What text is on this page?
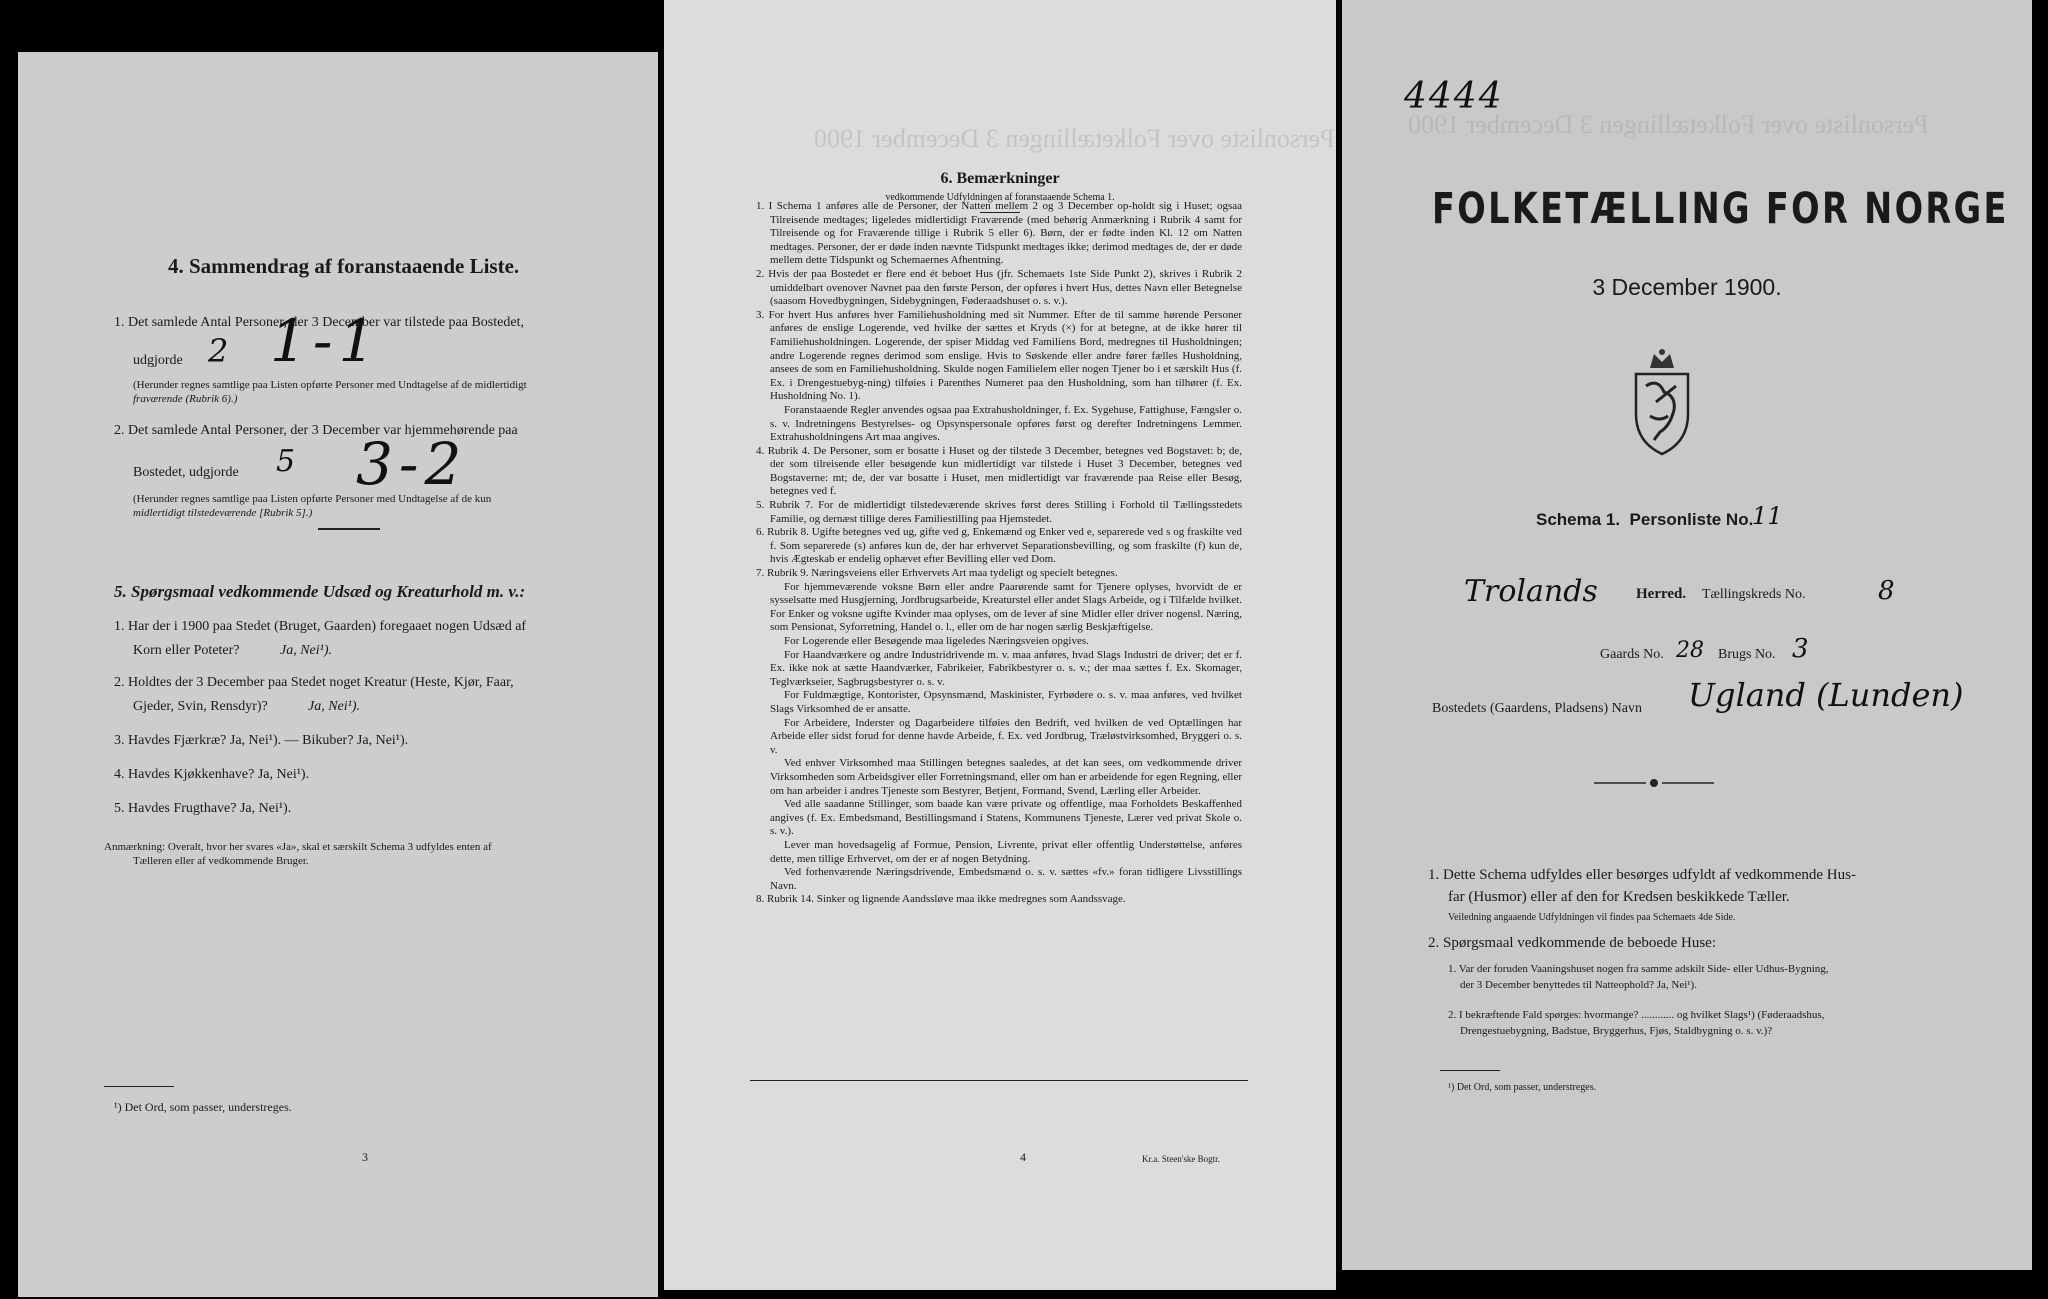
4. Sammendrag af foranstaaende Liste.
1. Det samlede Antal Personer, der 3 December var tilstede paa Bostedet,
udgjorde 2 1-1
(Herunder regnes samtlige paa Listen opførte Personer med Undtagelse af de midlertidigt
fraværende (Rubrik 6).)
2. Det samlede Antal Personer, der 3 December var hjemmehørende paa
Bostedet, udgjorde 5 3-2
(Herunder regnes samtlige paa Listen opførte Personer med Undtagelse af de kun
midlertidigt tilstedeværende [Rubrik 5].)
5. Spørgsmaal vedkommende Udsæd og Kreaturhold m. v.:
1. Har der i 1900 paa Stedet (Bruget, Gaarden) foregaaet nogen Udsæd af
Korn eller Poteter?	Ja, Nei¹).
2. Holdtes der 3 December paa Stedet noget Kreatur (Heste, Kjør, Faar,
Gjeder, Svin, Rensdyr)?	Ja, Nei¹).
3. Havdes Fjærkræ? Ja, Nei¹). — Bikuber? Ja, Nei¹).
4. Havdes Kjøkkenhave? Ja, Nei¹).
5. Havdes Frugthave? Ja, Nei¹).
Anmærkning: Overalt, hvor her svares «Ja», skal et særskilt Schema 3 udfyldes enten af
Tælleren eller af vedkommende Bruger.
¹) Det Ord, som passer, understreges.
3
Personliste over Folketællingen 3 December 1900
6. Bemærkninger
vedkommende Udfyldningen af foranstaaende Schema 1.
1. I Schema 1 anføres alle de Personer, der Natten mellem 2 og 3 December op-holdt sig i Huset; ogsaa Tilreisende medtages; ligeledes midlertidigt Fraværende (med behørig Anmærkning i Rubrik 4 samt for Tilreisende og for Fraværende tillige i Rubrik 5 eller 6). Børn, der er fødte inden Kl. 12 om Natten medtages. Personer, der er døde inden nævnte Tidspunkt medtages ikke; derimod medtages de, der er døde mellem dette Tidspunkt og Schemaernes Afhentning.
2. Hvis der paa Bostedet er flere end ét beboet Hus (jfr. Schemaets 1ste Side Punkt 2), skrives i Rubrik 2 umiddelbart ovenover Navnet paa den første Person, der opføres i hvert Hus, dettes Navn eller Betegnelse (saasom Hovedbygningen, Sidebygningen, Føderaadshuset o. s. v.).
3. For hvert Hus anføres hver Familiehusholdning med sit Nummer. Efter de til samme hørende Personer anføres de enslige Logerende, ved hvilke der sættes et Kryds (×) for at betegne, at de ikke hører til Familiehusholdningen. Logerende, der spiser Middag ved Familiens Bord, medregnes til Husholdningen; andre Logerende regnes derimod som enslige. Hvis to Søskende eller andre fører fælles Husholdning, ansees de som en Familiehusholdning. Skulde nogen Familielem eller nogen Tjener bo i et særskilt Hus (f. Ex. i Drengestuebyg-ning) tilføies i Parenthes Numeret paa den Husholdning, som han tilhører (f. Ex. Husholdning No. 1).
Foranstaaende Regler anvendes ogsaa paa Extrahusholdninger, f. Ex. Sygehuse, Fattighuse, Fængsler o. s. v. Indretningens Bestyrelses- og Opsynspersonale opføres først og derefter Indretningens Lemmer. Extrahusholdningens Art maa angives.
4. Rubrik 4. De Personer, som er bosatte i Huset og der tilstede 3 December, betegnes ved Bogstavet: b; de, der som tilreisende eller besøgende kun midlertidigt var tilstede i Huset 3 December, betegnes ved Bogstaverne: mt; de, der var bosatte i Huset, men midlertidigt var fraværende paa Reise eller Besøg, betegnes ved f.
5. Rubrik 7. For de midlertidigt tilstedeværende skrives først deres Stilling i Forhold til Tællingsstedets Familie, og dernæst tillige deres Familiestilling paa Hjemstedet.
6. Rubrik 8. Ugifte betegnes ved ug, gifte ved g, Enkemænd og Enker ved e, separerede ved s og fraskilte ved f. Som separerede (s) anføres kun de, der har erhvervet Separationsbevilling, og som fraskilte (f) kun de, hvis Ægteskab er endelig ophævet efter Bevilling eller ved Dom.
7. Rubrik 9. Næringsveiens eller Erhvervets Art maa tydeligt og specielt betegnes.
For hjemmeværende voksne Børn eller andre Paarørende samt for Tjenere oplyses, hvorvidt de er sysselsatte med Husgjerning, Jordbrugsarbeide, Kreaturstel eller andet Slags Arbeide, og i Tilfælde hvilket. For Enker og voksne ugifte Kvinder maa oplyses, om de lever af sine Midler eller driver nogensl. Næring, som Pensionat, Syforretning, Handel o. l., eller om de har nogen særlig Beskjæftigelse.
For Logerende eller Besøgende maa ligeledes Næringsveien opgives.
For Haandværkere og andre Industridrivende m. v. maa anføres, hvad Slags Industri de driver; det er f. Ex. ikke nok at sætte Haandværker, Fabrikeier, Fabrikbestyrer o. s. v.; der maa sættes f. Ex. Skomager, Teglværkseier, Sagbrugsbestyrer o. s. v.
For Fuldmægtige, Kontorister, Opsynsmænd, Maskinister, Fyrbødere o. s. v. maa anføres, ved hvilket Slags Virksomhed de er ansatte.
For Arbeidere, Inderster og Dagarbeidere tilføies den Bedrift, ved hvilken de ved Optællingen har Arbeide eller sidst forud for denne havde Arbeide, f. Ex. ved Jordbrug, Træløstvirksomhed, Bryggeri o. s. v.
Ved enhver Virksomhed maa Stillingen betegnes saaledes, at det kan sees, om vedkommende driver Virksomheden som Arbeidsgiver eller Forretningsmand, eller om han er arbeidende for egen Regning, eller om han arbeider i andres Tjeneste som Bestyrer, Betjent, Formand, Svend, Lærling eller Arbeider.
Ved alle saadanne Stillinger, som baade kan være private og offentlige, maa Forholdets Beskaffenhed angives (f. Ex. Embedsmand, Bestillingsmand i Statens, Kommunens Tjeneste, Lærer ved privat Skole o. s. v.).
Lever man hovedsagelig af Formue, Pension, Livrente, privat eller offentlig Understøttelse, anføres dette, men tillige Erhvervet, om der er af nogen Betydning.
Ved forhenværende Næringsdrivende, Embedsmænd o. s. v. sættes «fv.» foran tidligere Livsstillings Navn.
8. Rubrik 14. Sinker og lignende Aandssløve maa ikke medregnes som Aandssvage.
4	Kr.a. Steen'ske Bogtr.
4444
Personliste over Folketællingen 3 December 1900
FOLKETÆLLING FOR NORGE
3 December 1900.
Schema 1.  Personliste No.
11
Trolands	Herred. Tællingskreds No.	8
Gaards No. 28 Brugs No. 3
Bostedets (Gaardens, Pladsens) Navn Ugland (Lunden)
1. Dette Schema udfyldes eller besørges udfyldt af vedkommende Hus-
far (Husmor) eller af den for Kredsen beskikkede Tæller.
Veiledning angaaende Udfyldningen vil findes paa Schemaets 4de Side.
2. Spørgsmaal vedkommende de beboede Huse:
1. Var der foruden Vaaningshuset nogen fra samme adskilt Side- eller Udhus-Bygning,
der 3 December benyttedes til Natteophold? Ja, Nei¹).
2. I bekræftende Fald spørges: hvormange? ............ og hvilket Slags¹) (Føderaadshus,
Drengestuebygning, Badstue, Bryggerhus, Fjøs, Staldbygning o. s. v.)?
¹) Det Ord, som passer, understreges.
